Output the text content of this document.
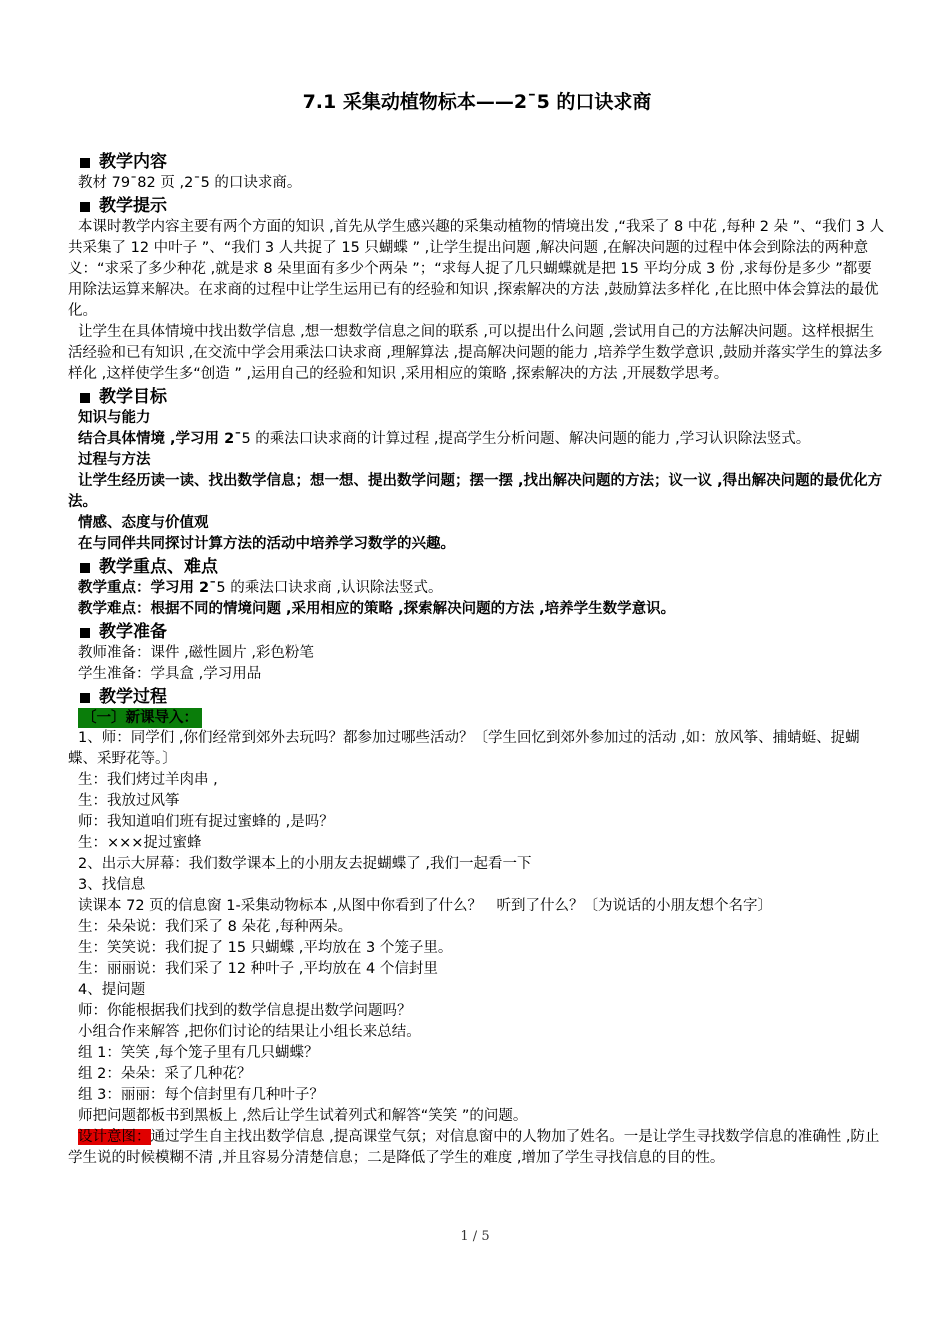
7.1 采集动植物标本——2¯5 的口诀求商
教学内容
教材 79¯82 页 ,2¯5 的口诀求商。
教学提示
本课时教学内容主要有两个方面的知识 ,首先从学生感兴趣的采集动植物的情境出发 ,“我采了 8 中花 ,每种 2 朵 ”、“我们 3 人共采集了 12 中叶子 ”、“我们 3 人共捉了 15 只蝴蝶 ” ,让学生提出问题 ,解决问题 ,在解决问题的过程中体会到除法的两种意义：“求采了多少种花 ,就是求 8 朵里面有多少个两朵 ”；“求每人捉了几只蝴蝶就是把 15 平均分成 3 份 ,求每份是多少 ”都要用除法运算来解决。在求商的过程中让学生运用已有的经验和知识 ,探索解决的方法 ,鼓励算法多样化 ,在比照中体会算法的最优化。
让学生在具体情境中找出数学信息 ,想一想数学信息之间的联系 ,可以提出什么问题 ,尝试用自己的方法解决问题。这样根据生活经验和已有知识 ,在交流中学会用乘法口诀求商 ,理解算法 ,提高解决问题的能力 ,培养学生数学意识 ,鼓励并落实学生的算法多样化 ,这样使学生多“创造 ” ,运用自己的经验和知识 ,采用相应的策略 ,探索解决的方法 ,开展数学思考。
教学目标
知识与能力
结合具体情境 ,学习用 2¯5 的乘法口诀求商的计算过程 ,提高学生分析问题、解决问题的能力 ,学习认识除法竖式。
过程与方法
让学生经历读一读、找出数学信息；想一想、提出数学问题；摆一摆 ,找出解决问题的方法；议一议 ,得出解决问题的最优化方法。
情感、态度与价值观
在与同伴共同探讨计算方法的活动中培养学习数学的兴趣。
教学重点、难点
教学重点：学习用 2¯5 的乘法口诀求商 ,认识除法竖式。
教学难点：根据不同的情境问题 ,采用相应的策略 ,探索解决问题的方法 ,培养学生数学意识。
教学准备
教师准备：课件 ,磁性圆片 ,彩色粉笔
学生准备：学具盒 ,学习用品
教学过程
〔一〕新课导入：
1、师：同学们 ,你们经常到郊外去玩吗？都参加过哪些活动？〔学生回忆到郊外参加过的活动 ,如：放风筝、捕蜻蜓、捉蝴蝶、采野花等。〕
生：我们烤过羊肉串 ,
生：我放过风筝
师：我知道咱们班有捉过蜜蜂的 ,是吗？
生：×××捉过蜜蜂
2、出示大屏幕：我们数学课本上的小朋友去捉蝴蝶了 ,我们一起看一下
3、找信息
读课本 72 页的信息窗 1-采集动物标本 ,从图中你看到了什么？　听到了什么？〔为说话的小朋友想个名字〕
生：朵朵说：我们采了 8 朵花 ,每种两朵。
生：笑笑说：我们捉了 15 只蝴蝶 ,平均放在 3 个笼子里。
生：丽丽说：我们采了 12 种叶子 ,平均放在 4 个信封里
4、提问题
师：你能根据我们找到的数学信息提出数学问题吗？
小组合作来解答 ,把你们讨论的结果让小组长来总结。
组 1：笑笑 ,每个笼子里有几只蝴蝶？
组 2：朵朵：采了几种花？
组 3：丽丽：每个信封里有几种叶子？
师把问题都板书到黑板上 ,然后让学生试着列式和解答“笑笑 ”的问题。
设计意图：通过学生自主找出数学信息 ,提高课堂气氛；对信息窗中的人物加了姓名。一是让学生寻找数学信息的准确性 ,防止学生说的时候模糊不清 ,并且容易分清楚信息；二是降低了学生的难度 ,增加了学生寻找信息的目的性。
1 / 5
